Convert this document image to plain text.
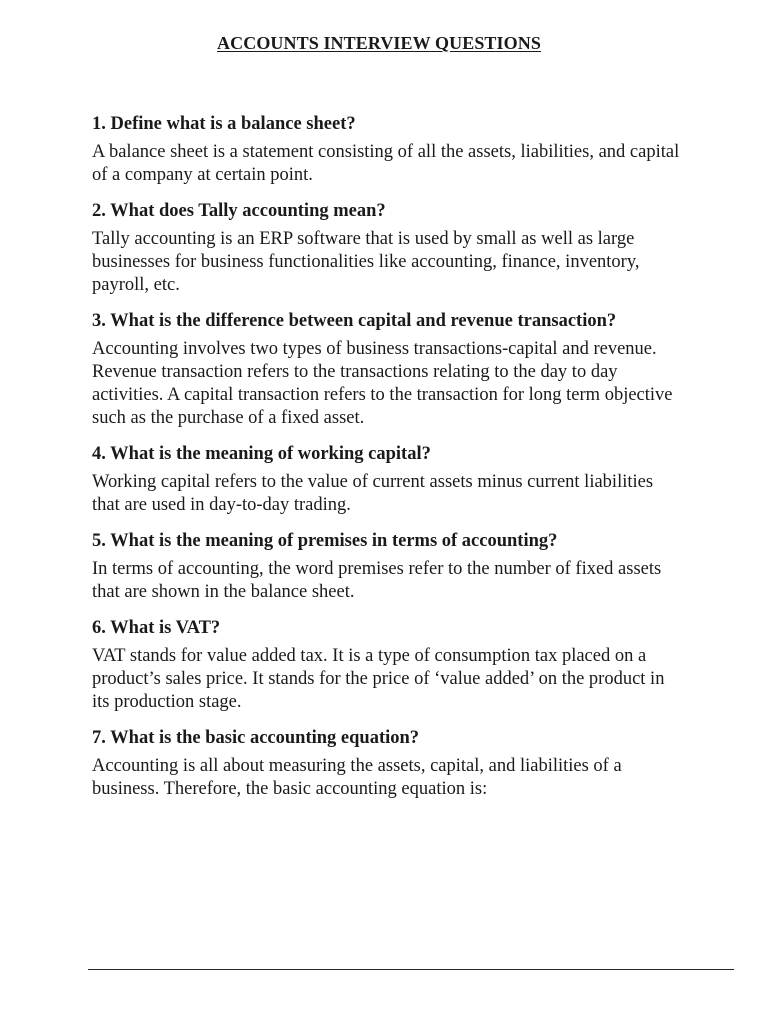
ACCOUNTS INTERVIEW QUESTIONS

1. Define what is a balance sheet?

A balance sheet is a statement consisting of all the assets, liabilities, and capital of a company at certain point.

2. What does Tally accounting mean?

Tally accounting is an ERP software that is used by small as well as large businesses for business functionalities like accounting, finance, inventory, payroll, etc.

3. What is the difference between capital and revenue transaction?

Accounting involves two types of business transactions-capital and revenue. Revenue transaction refers to the transactions relating to the day to day activities. A capital transaction refers to the transaction for long term objective such as the purchase of a fixed asset.

4. What is the meaning of working capital?

Working capital refers to the value of current assets minus current liabilities that are used in day-to-day trading.

5. What is the meaning of premises in terms of accounting?

In terms of accounting, the word premises refer to the number of fixed assets that are shown in the balance sheet.

6. What is VAT?

VAT stands for value added tax. It is a type of consumption tax placed on a product’s sales price. It stands for the price of ‘value added’ on the product in its production stage.

7. What is the basic accounting equation?

Accounting is all about measuring the assets, capital, and liabilities of a business. Therefore, the basic accounting equation is:
